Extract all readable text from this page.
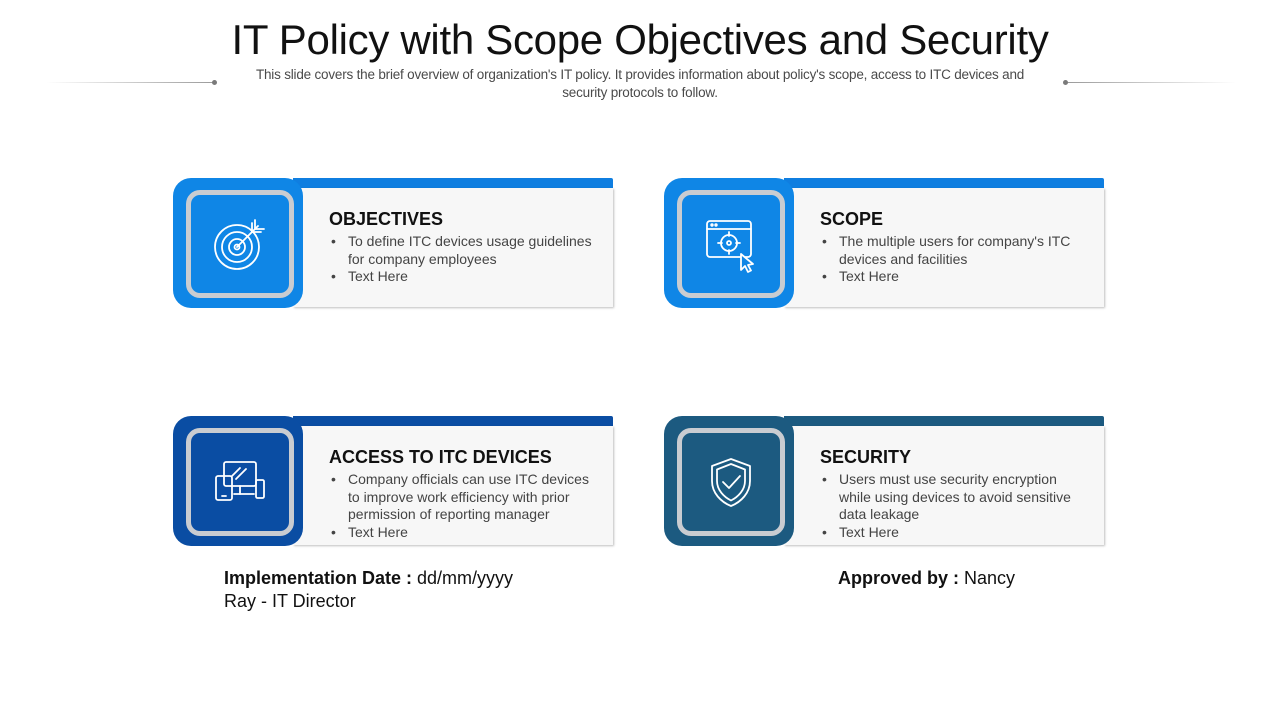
IT Policy with Scope Objectives and Security
This slide covers the brief overview of organization's IT policy. It provides information about policy's scope, access to ITC devices and security protocols to follow.
OBJECTIVES
• To define ITC devices usage guidelines for company employees
• Text Here
SCOPE
• The multiple users for company's ITC devices and facilities
• Text Here
ACCESS TO ITC DEVICES
• Company officials can use ITC devices to improve work efficiency with prior permission of reporting manager
• Text Here
SECURITY
• Users must use security encryption while using devices to avoid sensitive data leakage
• Text Here
Implementation Date : dd/mm/yyyy
Ray - IT Director
Approved by : Nancy
